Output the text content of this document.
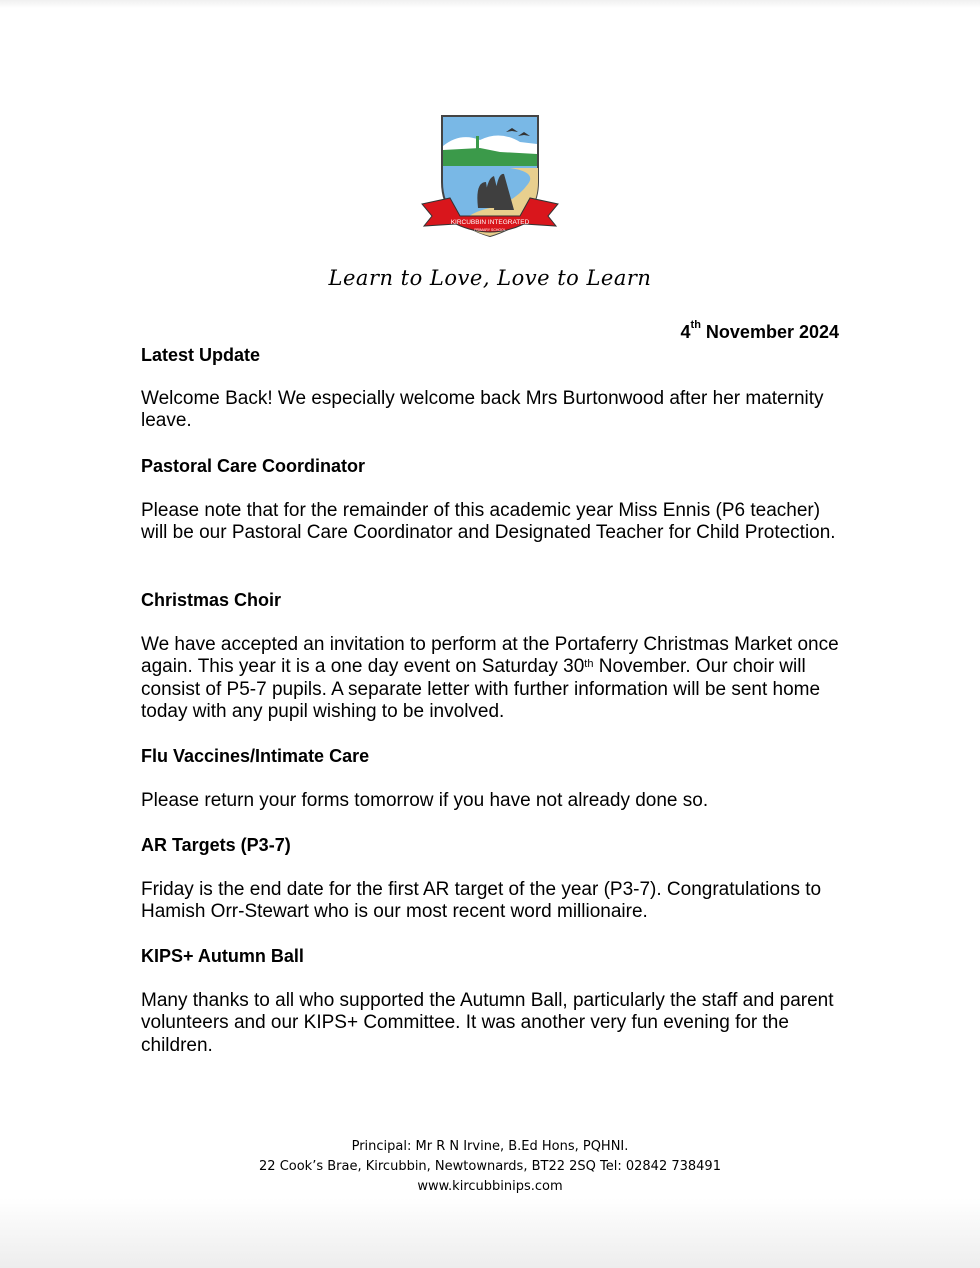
KIRCUBBIN INTEGRATED
PRIMARY SCHOOL
Learn to Love, Love to Learn
4th November 2024
Latest Update
Welcome Back! We especially welcome back Mrs Burtonwood after her maternity leave.
Pastoral Care Coordinator
Please note that for the remainder of this academic year Miss Ennis (P6 teacher) will be our Pastoral Care Coordinator and Designated Teacher for Child Protection.
Christmas Choir
We have accepted an invitation to perform at the Portaferry Christmas Market once again. This year it is a one day event on Saturday 30th November. Our choir will consist of P5-7 pupils. A separate letter with further information will be sent home today with any pupil wishing to be involved.
Flu Vaccines/Intimate Care
Please return your forms tomorrow if you have not already done so.
AR Targets (P3-7)
Friday is the end date for the first AR target of the year (P3-7). Congratulations to Hamish Orr-Stewart who is our most recent word millionaire.
KIPS+ Autumn Ball
Many thanks to all who supported the Autumn Ball, particularly the staff and parent volunteers and our KIPS+ Committee. It was another very fun evening for the children.
Principal: Mr R N Irvine, B.Ed Hons, PQHNI.
22 Cook’s Brae, Kircubbin, Newtownards, BT22 2SQ Tel: 02842 738491
www.kircubbinips.com
